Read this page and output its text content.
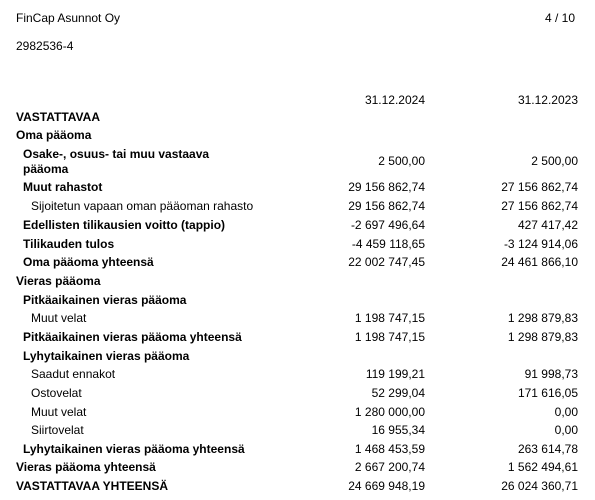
FinCap Asunnot Oy	4 / 10
2982536-4
31.12.2024	31.12.2023
VASTATTAVAA
Oma pääoma
Osake-, osuus- tai muu vastaava pääoma
2 500,00	2 500,00
Muut rahastot	29 156 862,74	27 156 862,74
Sijoitetun vapaan oman pääoman rahasto	29 156 862,74	27 156 862,74
Edellisten tilikausien voitto (tappio)	-2 697 496,64	427 417,42
Tilikauden tulos	-4 459 118,65	-3 124 914,06
Oma pääoma yhteensä	22 002 747,45	24 461 866,10
Vieras pääoma
Pitkäaikainen vieras pääoma
Muut velat	1 198 747,15	1 298 879,83
Pitkäaikainen vieras pääoma yhteensä	1 198 747,15	1 298 879,83
Lyhytaikainen vieras pääoma
Saadut ennakot	119 199,21	91 998,73
Ostovelat	52 299,04	171 616,05
Muut velat	1 280 000,00	0,00
Siirtovelat	16 955,34	0,00
Lyhytaikainen vieras pääoma yhteensä	1 468 453,59	263 614,78
Vieras pääoma yhteensä	2 667 200,74	1 562 494,61
VASTATTAVAA YHTEENSÄ	24 669 948,19	26 024 360,71
